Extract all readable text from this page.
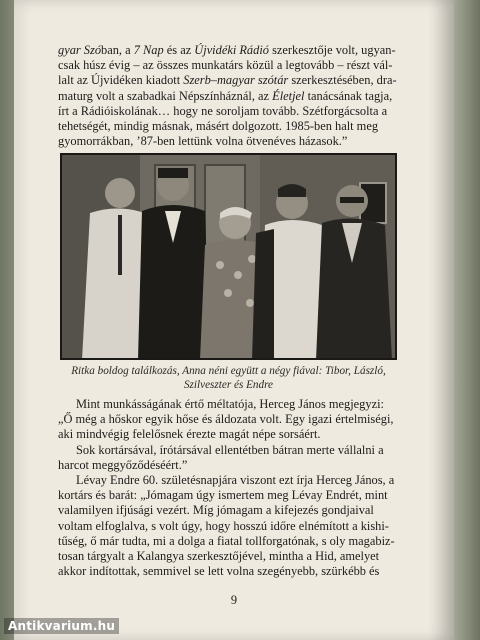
gyar Szóban, a 7 Nap és az Újvidéki Rádió szerkesztője volt, ugyan-
csak húsz évig – az összes munkatárs közül a legtovább – részt vál-
lalt az Újvidéken kiadott Szerb–magyar szótár szerkesztésében, dra-
maturg volt a szabadkai Népszínháznál, az Életjel tanácsának tagja,
írt a Rádióiskolának… hogy ne soroljam tovább. Szétforgácsolta a
tehetségét, mindig másnak, másért dolgozott. 1985-ben halt meg
gyomorrákban, ’87-ben lettünk volna ötvenéves házasok.”

Ritka boldog találkozás, Anna néni együtt a négy fiával: Tibor, László,
Szilveszter és Endre

Mint munkásságának értő méltatója, Herceg János megjegyzi:
„Ő még a hőskor egyik hőse és áldozata volt. Egy igazi értelmiségi,
aki mindvégig felelősnek érezte magát népe sorsáért.

Sok kortársával, írótársával ellentétben bátran merte vállalni a
harcot meggyőződéséért.”

Lévay Endre 60. születésnapjára viszont ezt írja Herceg János, a
kortárs és barát: „Jómagam úgy ismertem meg Lévay Endrét, mint
valamilyen ifjúsági vezért. Míg jómagam a kifejezés gondjaival
voltam elfoglalva, s volt úgy, hogy hosszú időre elnémított a kishi-
tűség, ő már tudta, mi a dolga a fiatal tollforgatónak, s oly magabiz-
tosan tárgyalt a Kalangya szerkesztőjével, mintha a Hid, amelyet
akkor indítottak, semmivel se lett volna szegényebb, szürkébb és

9
Antikvarium.hu
